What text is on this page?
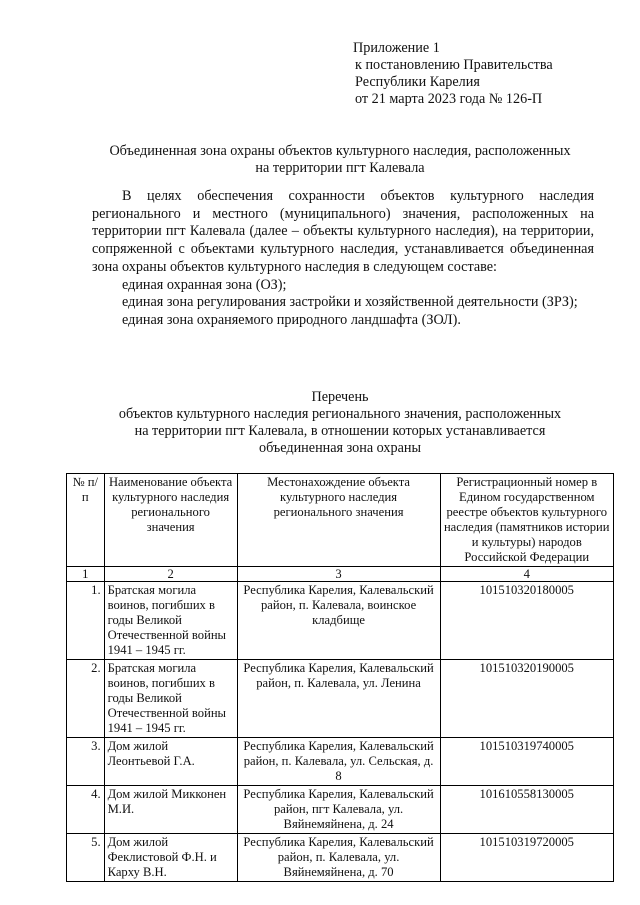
Приложение 1
к постановлению Правительства
Республики Карелия
от 21 марта 2023 года № 126-П
Объединенная зона охраны объектов культурного наследия, расположенных
на территории пгт Калевала

В целях обеспечения сохранности объектов культурного наследия регионального и местного (муниципального) значения, расположенных на территории пгт Калевала (далее – объекты культурного наследия), на территории, сопряженной с объектами культурного наследия, устанавливается объединенная зона охраны объектов культурного наследия в следующем составе:

единая охранная зона (ОЗ);

единая зона регулирования застройки и хозяйственной деятельности (ЗРЗ);

единая зона охраняемого природного ландшафта (ЗОЛ).

Перечень
объектов культурного наследия регионального значения, расположенных
на территории пгт Калевала, в отношении которых устанавливается
объединенная зона охраны
№ п/п	Наименование объекта культурного наследия регионального значения	Местонахождение объекта культурного наследия регионального значения	Регистрационный номер в Едином государственном реестре объектов культурного наследия (памятников истории и культуры) народов Российской Федерации
1	2	3	4
1.	Братская могила воинов, погибших в годы Великой Отечественной войны 1941 – 1945 гг.	Республика Карелия, Калевальский район, п. Калевала, воинское кладбище	101510320180005
2.	Братская могила воинов, погибших в годы Великой Отечественной войны 1941 – 1945 гг.	Республика Карелия, Калевальский район, п. Калевала, ул. Ленина	101510320190005
3.	Дом жилой Леонтьевой Г.А.	Республика Карелия, Калевальский район, п. Калевала, ул. Сельская, д. 8	101510319740005
4.	Дом жилой Микконен М.И.	Республика Карелия, Калевальский район, пгт Калевала, ул. Вяйнемяйнена, д. 24	101610558130005
5.	Дом жилой Феклистовой Ф.Н. и Карху В.Н.	Республика Карелия, Калевальский район, п. Калевала, ул. Вяйнемяйнена, д. 70	101510319720005
